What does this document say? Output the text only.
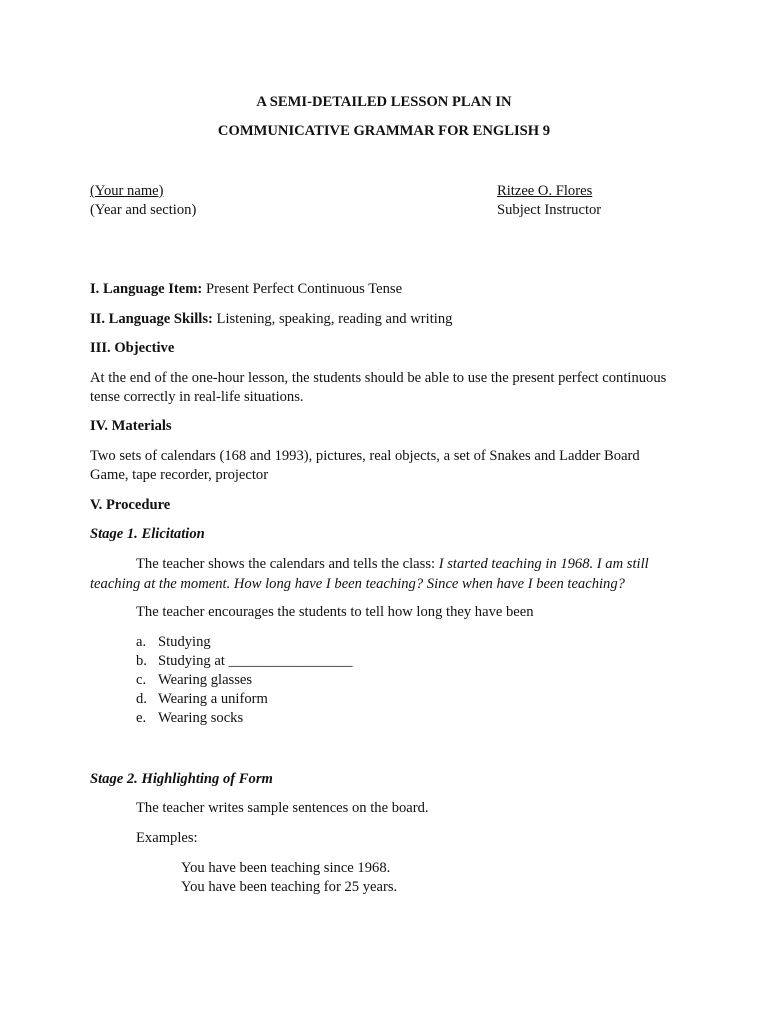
A SEMI-DETAILED LESSON PLAN IN
COMMUNICATIVE GRAMMAR FOR ENGLISH 9
(Your name)
(Year and section)
Ritzee O. Flores
Subject Instructor
I. Language Item: Present Perfect Continuous Tense
II. Language Skills: Listening, speaking, reading and writing
III. Objective
At the end of the one-hour lesson, the students should be able to use the present perfect continuous tense correctly in real-life situations.
IV. Materials
Two sets of calendars (168 and 1993), pictures, real objects, a set of Snakes and Ladder Board Game, tape recorder, projector
V. Procedure
Stage 1. Elicitation
The teacher shows the calendars and tells the class: I started teaching in 1968. I am still teaching at the moment. How long have I been teaching? Since when have I been teaching?
The teacher encourages the students to tell how long they have been
a. Studying
b. Studying at _________________
c. Wearing glasses
d. Wearing a uniform
e. Wearing socks
Stage 2. Highlighting of Form
The teacher writes sample sentences on the board.
Examples:
You have been teaching since 1968.
You have been teaching for 25 years.
